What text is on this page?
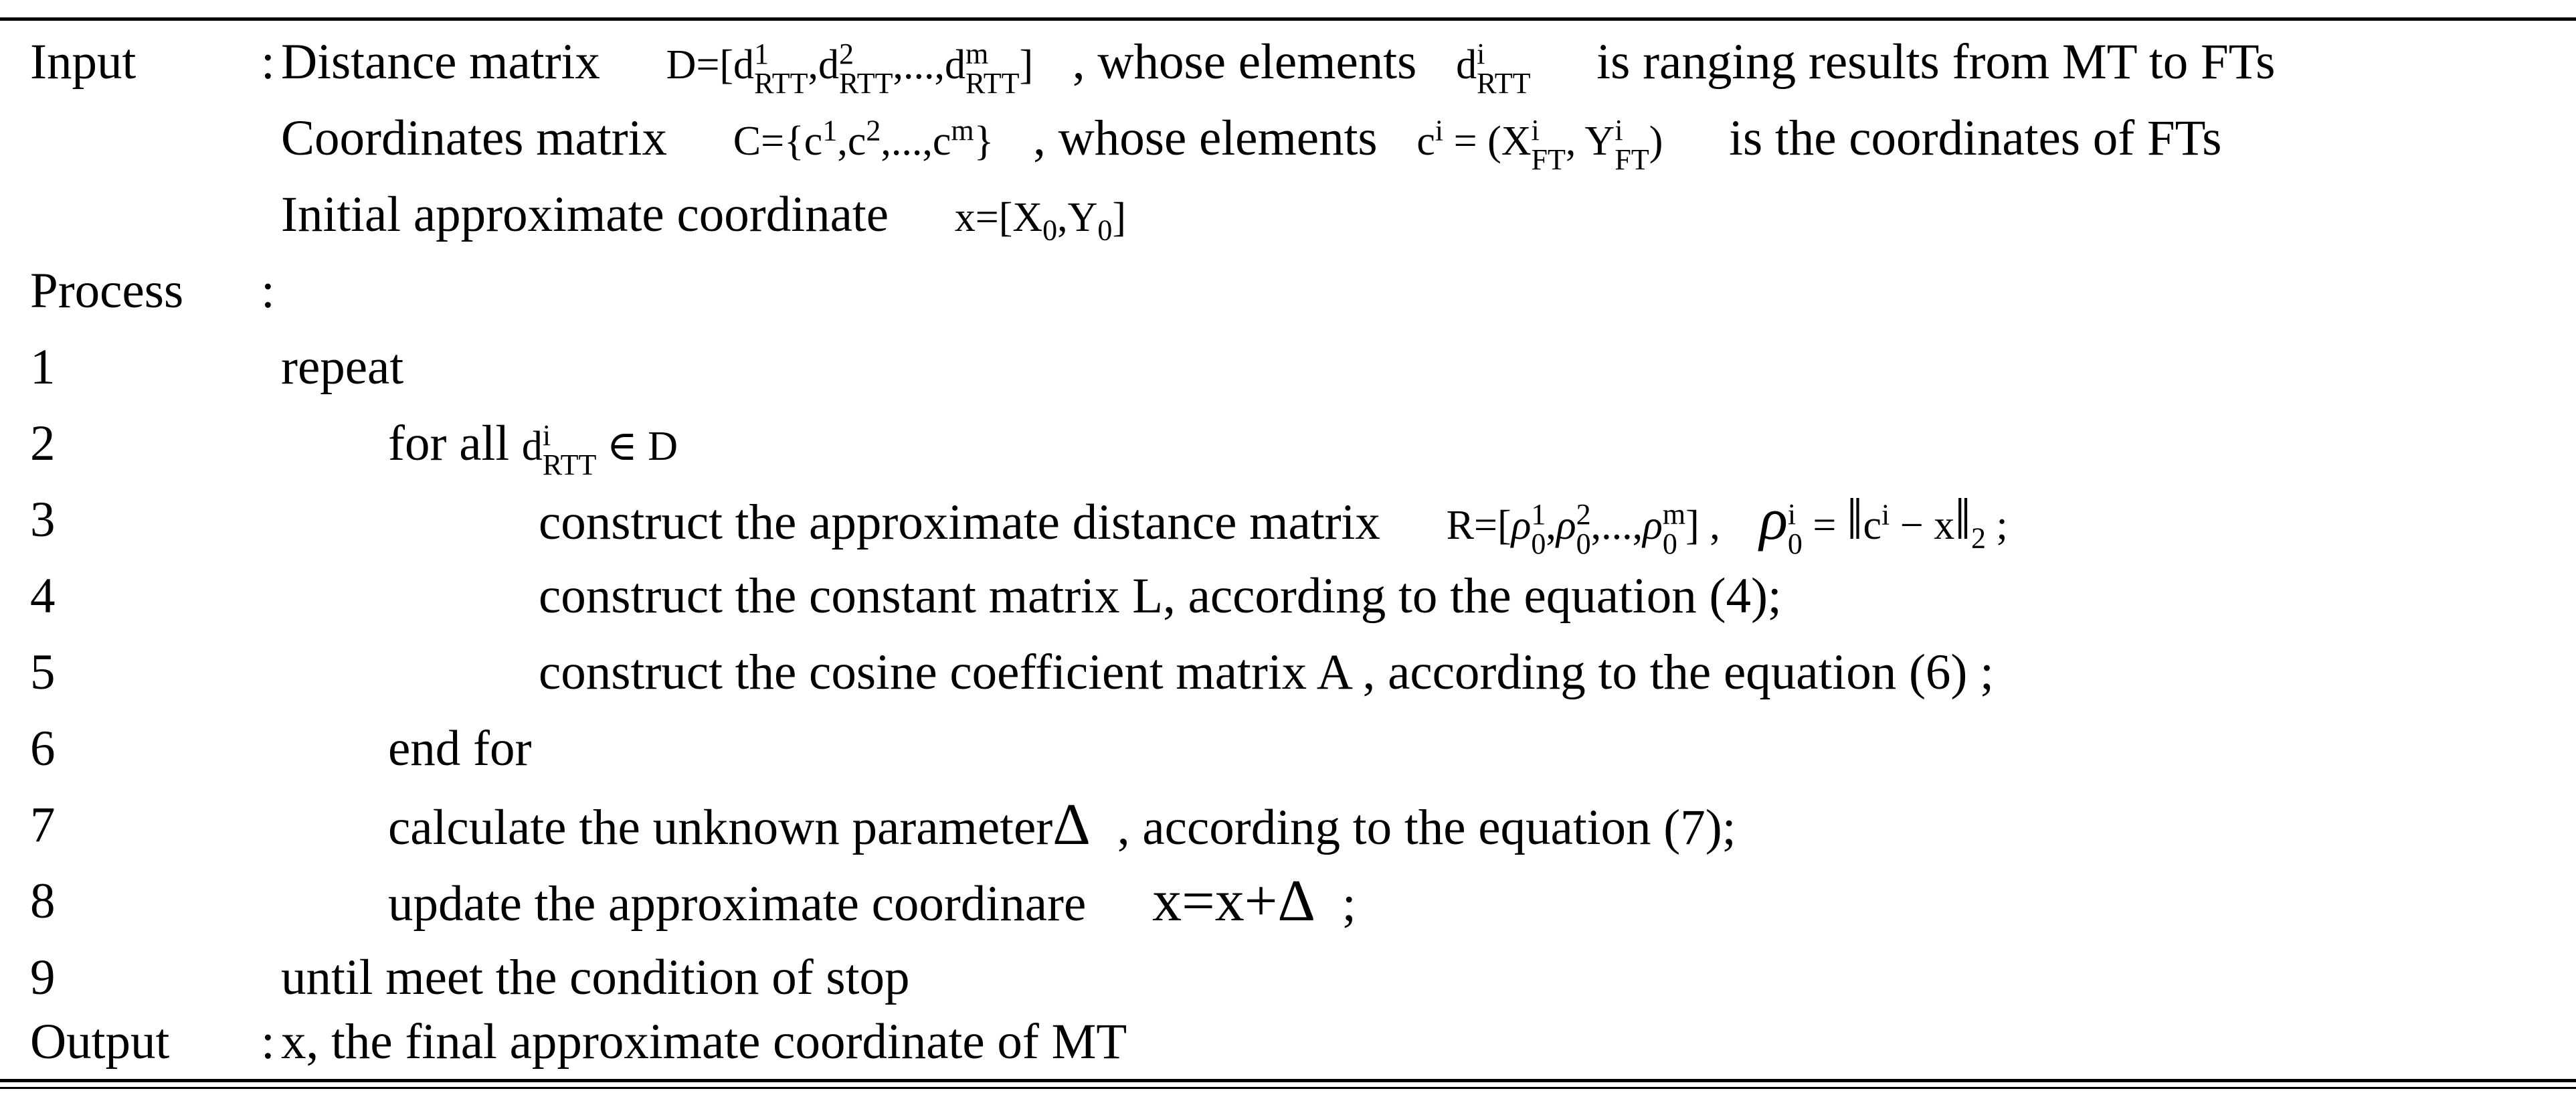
Input : Distance matrix D=[d 1
RTT ,d 2
RTT ,...,d m
RTT ] , whose elements d i
RTT is ranging results from MT to FTs
Coordinates matrix $C=\{c^1,c^2,...,c^m\}$ , whose elements $c^i = (X$ i
FT , Y i
FT ) is the coordinates of FTs
Initial approximate coordinate $x=[X_0,Y_0]$
Process :
1	repeat
2	for all d i
RTT ∈ D
3	construct the approximate distance matrix R=[ρ 1
0 ,ρ 2
0 ,...,ρ m
0 ] , ρ i
$0 = ‖c^i$ − $x‖_2$ ;
4	construct the constant matrix L, according to the equation (4);
5	construct the cosine coefficient matrix A , according to the equation (6) ;
6	end for
7	calculate the unknown parameterΔ , according to the equation (7);
8	update the approximate coordinare x=x+Δ ;
9	until meet the condition of stop
Output : x, the final approximate coordinate of MT
